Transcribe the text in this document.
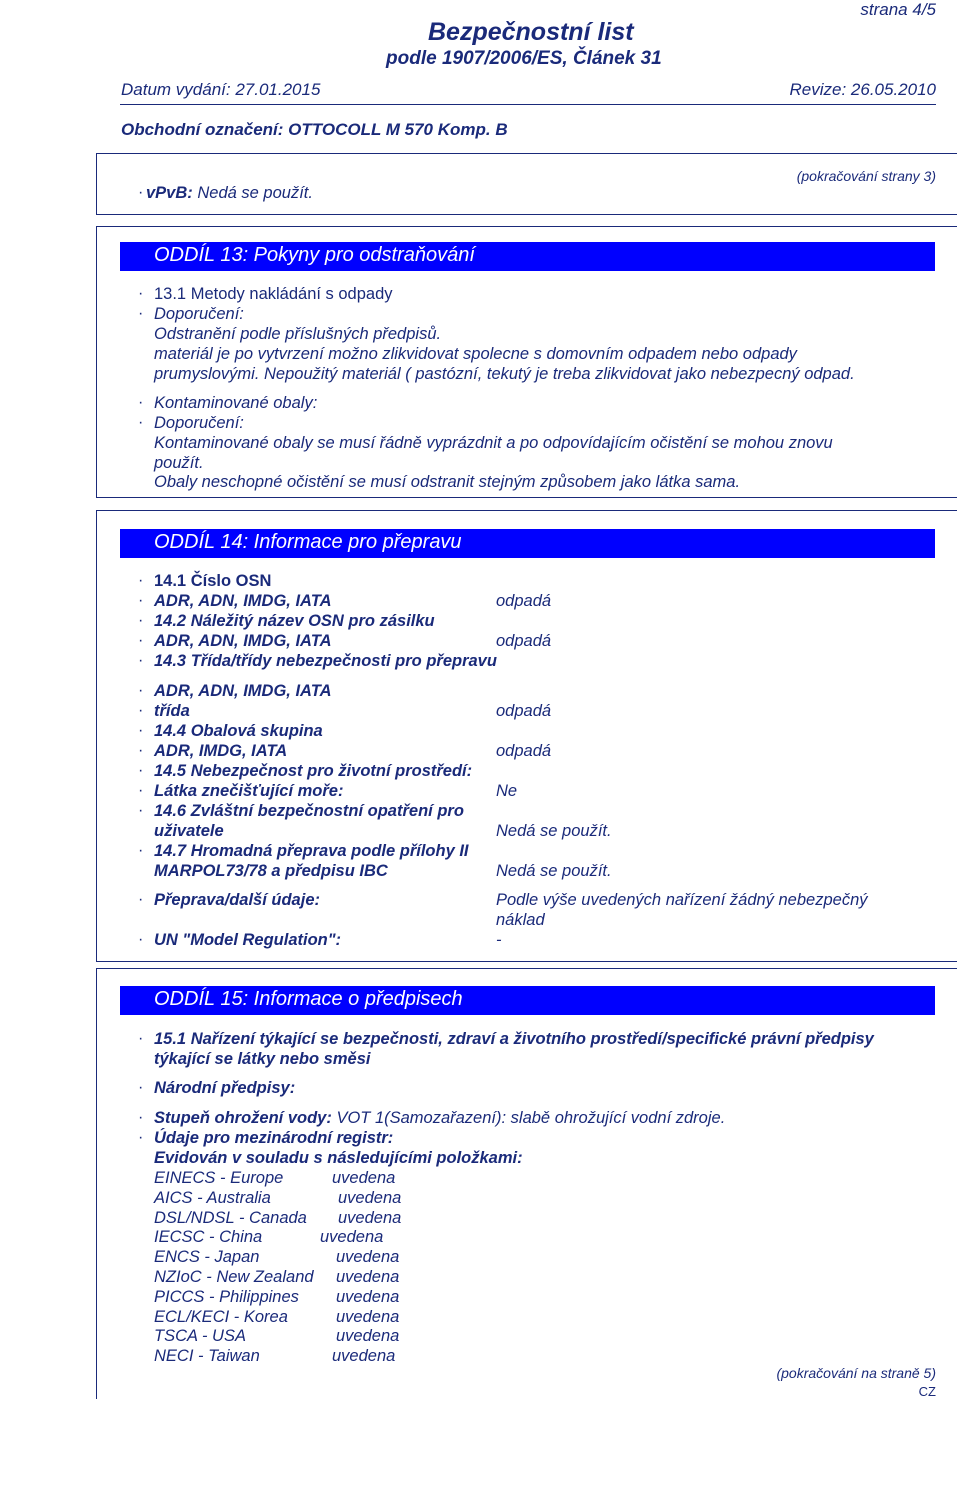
strana 4/5
Bezpečnostní list
podle 1907/2006/ES, Článek 31
Datum vydání: 27.01.2015	Revize: 26.05.2010
Obchodní označení: OTTOCOLL M 570 Komp. B
(pokračování strany 3)
· vPvB: Nedá se použít.
ODDÍL 13: Pokyny pro odstraňování
· 13.1 Metody nakládání s odpady
· Doporučení:
Odstranění podle příslušných předpisů.
materiál je po vytvrzení možno zlikvidovat spolecne s domovním odpadem nebo odpady
prumyslovými. Nepoužitý materiál ( pastózní, tekutý je treba zlikvidovat jako nebezpecný odpad.
· Kontaminované obaly:
· Doporučení:
Kontaminované obaly se musí řádně vyprázdnit a po odpovídajícím očistění se mohou znovu
použít.
Obaly neschopné očistění se musí odstranit stejným způsobem jako látka sama.
ODDÍL 14: Informace pro přepravu
· 14.1 Číslo OSN
· ADR, ADN, IMDG, IATA	odpadá
· 14.2 Náležitý název OSN pro zásilku
· ADR, ADN, IMDG, IATA	odpadá
· 14.3 Třída/třídy nebezpečnosti pro přepravu
· ADR, ADN, IMDG, IATA
· třída	odpadá
· 14.4 Obalová skupina
· ADR, IMDG, IATA	odpadá
· 14.5 Nebezpečnost pro životní prostředí:
· Látka znečišťující moře:	Ne
· 14.6 Zvláštní bezpečnostní opatření pro
uživatele	Nedá se použít.
· 14.7 Hromadná přeprava podle přílohy II
MARPOL73/78 a předpisu IBC	Nedá se použít.
· Přeprava/další údaje:	Podle výše uvedených nařízení žádný nebezpečný
náklad
· UN "Model Regulation":	-
ODDÍL 15: Informace o předpisech
· 15.1 Nařízení týkající se bezpečnosti, zdraví a životního prostředí/specifické právní předpisy
týkající se látky nebo směsi
· Národní předpisy:
· Stupeň ohrožení vody: VOT 1(Samozařazení): slabě ohrožující vodní zdroje.
· Údaje pro mezinárodní registr:
Evidován v souladu s následujícími položkami:
EINECS - Europe	uvedena
AICS - Australia	uvedena
DSL/NDSL - Canada uvedena
IECSC - China	uvedena
ENCS - Japan	uvedena
NZIoC - New Zealand uvedena
PICCS - Philippines uvedena
ECL/KECI - Korea	uvedena
TSCA - USA	uvedena
NECI - Taiwan	uvedena
(pokračování na straně 5)
CZ
